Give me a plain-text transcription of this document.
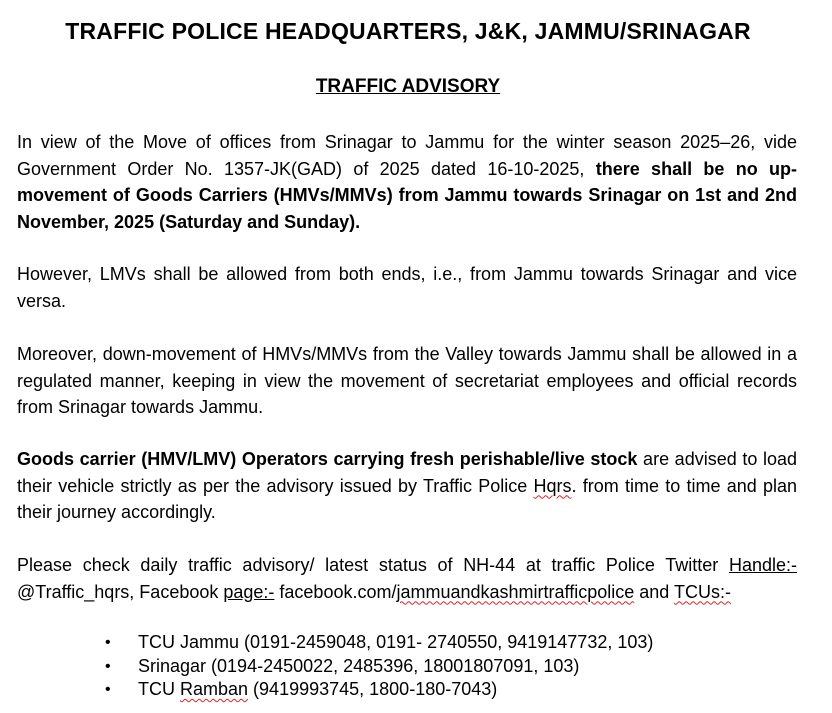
TRAFFIC POLICE HEADQUARTERS, J&K, JAMMU/SRINAGAR
TRAFFIC ADVISORY
In view of the Move of offices from Srinagar to Jammu for the winter season 2025–26, vide Government Order No. 1357-JK(GAD) of 2025 dated 16-10-2025, there shall be no up-movement of Goods Carriers (HMVs/MMVs) from Jammu towards Srinagar on 1st and 2nd November, 2025 (Saturday and Sunday).
However, LMVs shall be allowed from both ends, i.e., from Jammu towards Srinagar and vice versa.
Moreover, down-movement of HMVs/MMVs from the Valley towards Jammu shall be allowed in a regulated manner, keeping in view the movement of secretariat employees and official records from Srinagar towards Jammu.
Goods carrier (HMV/LMV) Operators carrying fresh perishable/live stock are advised to load their vehicle strictly as per the advisory issued by Traffic Police Hqrs. from time to time and plan their journey accordingly.
Please check daily traffic advisory/ latest status of NH-44 at traffic Police Twitter Handle:- @Traffic_hqrs, Facebook page:- facebook.com/jammuandkashmirtrafficpolice and TCUs:-
•	TCU Jammu (0191-2459048, 0191- 2740550, 9419147732, 103)
•	Srinagar (0194-2450022, 2485396, 18001807091, 103)
•	TCU Ramban (9419993745, 1800-180-7043)
